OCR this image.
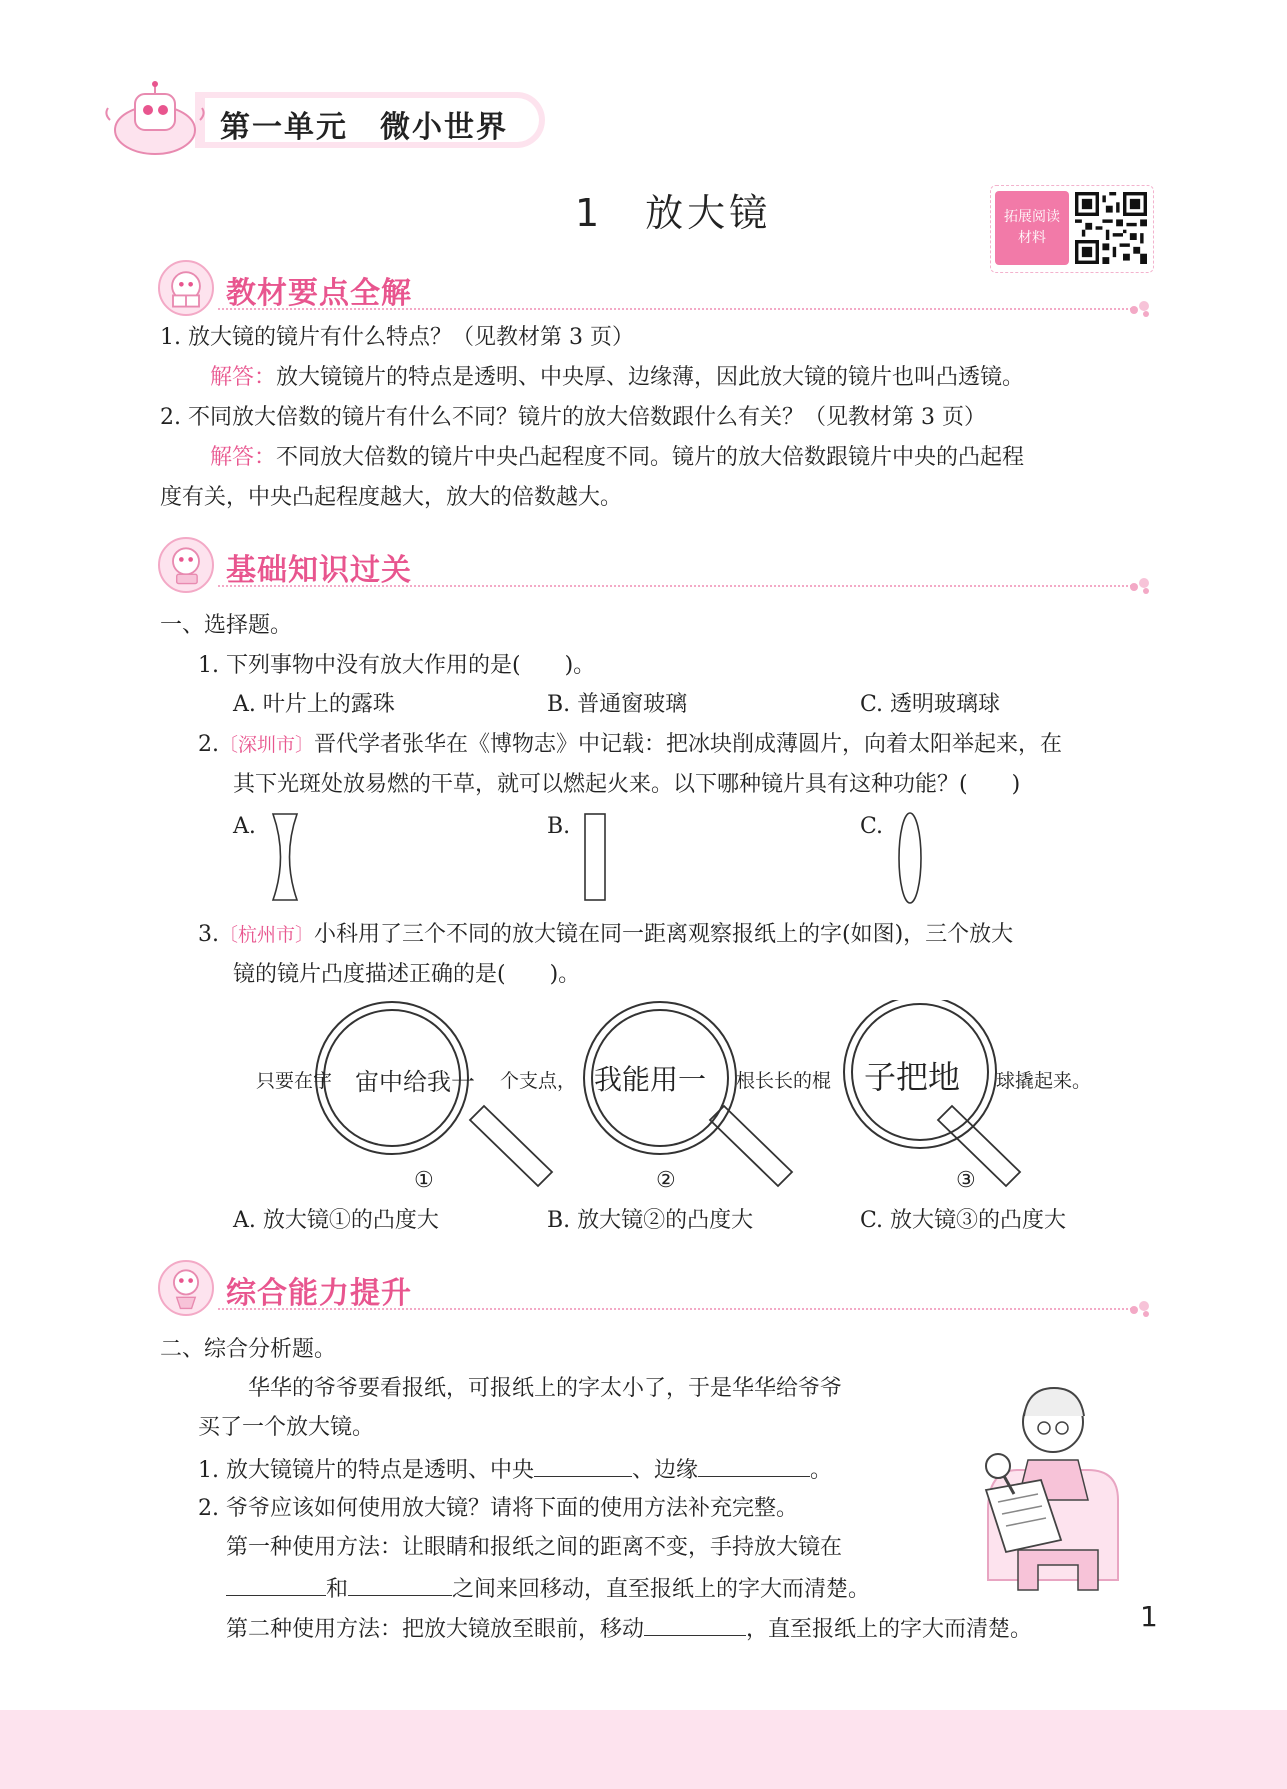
第一单元　微小世界
1　放大镜	拓展阅读
材料
教材要点全解
1. 放大镜的镜片有什么特点？（见教材第 3 页）
解答：放大镜镜片的特点是透明、中央厚、边缘薄，因此放大镜的镜片也叫凸透镜。
2. 不同放大倍数的镜片有什么不同？镜片的放大倍数跟什么有关？（见教材第 3 页）
解答：不同放大倍数的镜片中央凸起程度不同。镜片的放大倍数跟镜片中央的凸起程
度有关，中央凸起程度越大，放大的倍数越大。
基础知识过关
一、选择题。
1. 下列事物中没有放大作用的是(　　)。
A. 叶片上的露珠	B. 普通窗玻璃	C. 透明玻璃球
2.〔深圳市〕晋代学者张华在《博物志》中记载：把冰块削成薄圆片，向着太阳举起来，在
其下光斑处放易燃的干草，就可以燃起火来。以下哪种镜片具有这种功能？(　　)
A.	B.	C.
3.〔杭州市〕小科用了三个不同的放大镜在同一距离观察报纸上的字(如图)，三个放大
镜的镜片凸度描述正确的是(　　)。
只要在宇 宙中给我一 个支点， 我能用一 根长长的棍 子把地 球撬起来。
①	②	③
A. 放大镜①的凸度大	B. 放大镜②的凸度大	C. 放大镜③的凸度大
综合能力提升
二、综合分析题。
华华的爷爷要看报纸，可报纸上的字太小了，于是华华给爷爷
买了一个放大镜。
1. 放大镜镜片的特点是透明、中央	、边缘	。
2. 爷爷应该如何使用放大镜？请将下面的使用方法补充完整。
第一种使用方法：让眼睛和报纸之间的距离不变，手持放大镜在
和	之间来回移动，直至报纸上的字大而清楚。
第二种使用方法：把放大镜放至眼前，移动	，直至报纸上的字大而清楚。	1
